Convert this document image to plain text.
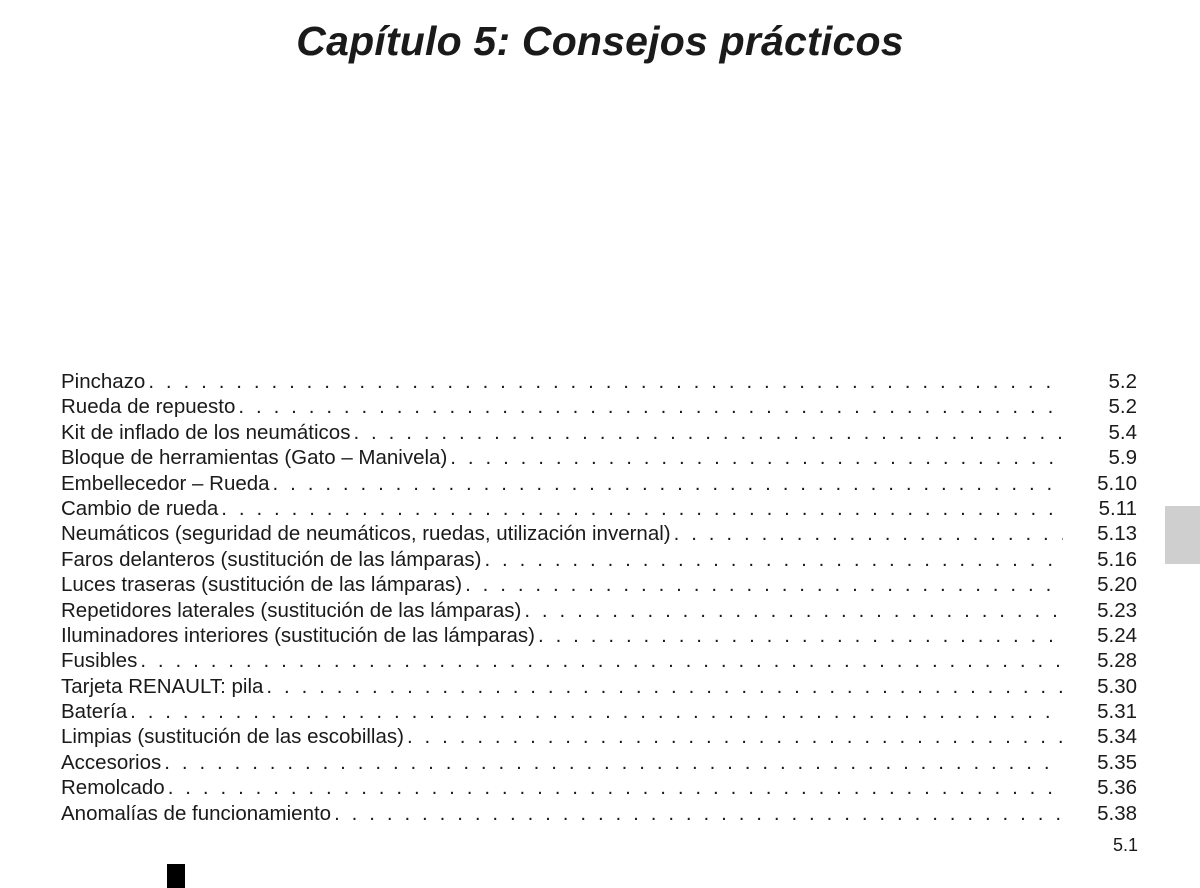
Capítulo 5: Consejos prácticos
Pinchazo . . .	5.2
Rueda de repuesto . . .	5.2
Kit de inflado de los neumáticos . . .	5.4
Bloque de herramientas (Gato – Manivela) . . .	5.9
Embellecedor – Rueda . . .	5.10
Cambio de rueda . . .	5.11
Neumáticos (seguridad de neumáticos, ruedas, utilización invernal) . . .	5.13
Faros delanteros (sustitución de las lámparas) . . .	5.16
Luces traseras (sustitución de las lámparas) . . .	5.20
Repetidores laterales (sustitución de las lámparas) . . .	5.23
Iluminadores interiores (sustitución de las lámparas) . . .	5.24
Fusibles . . .	5.28
Tarjeta RENAULT: pila . . .	5.30
Batería . . .	5.31
Limpias (sustitución de las escobillas) . . .	5.34
Accesorios . . .	5.35
Remolcado . . .	5.36
Anomalías de funcionamiento . . .	5.38
5.1
